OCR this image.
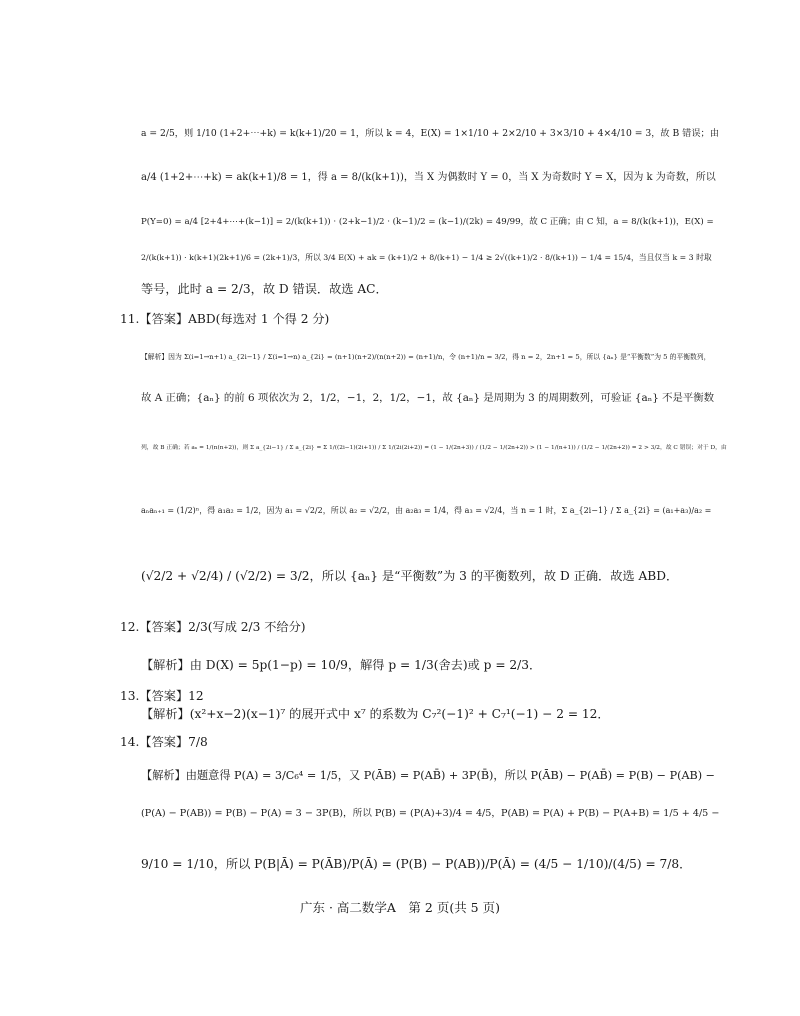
a = 2/5，则 1/10 (1+2+⋯+k) = k(k+1)/20 = 1，所以 k = 4，E(X) = 1×1/10 + 2×2/10 + 3×3/10 + 4×4/10 = 3，故 B 错误；由
a/4 (1+2+⋯+k) = ak(k+1)/8 = 1，得 a = 8/(k(k+1))，当 X 为偶数时 Y = 0，当 X 为奇数时 Y = X，因为 k 为奇数，所以
P(Y=0) = a/4 [2+4+⋯+(k−1)] = 2/(k(k+1)) · (2+k−1)/2 · (k−1)/2 = (k−1)/(2k) = 49/99，故 C 正确；由 C 知，a = 8/(k(k+1))，E(X) =
2/(k(k+1)) · k(k+1)(2k+1)/6 = (2k+1)/3，所以 3/4 E(X) + ak = (k+1)/2 + 8/(k+1) − 1/4 ≥ 2√((k+1)/2 · 8/(k+1)) − 1/4 = 15/4，当且仅当 k = 3 时取
等号，此时 a = 2/3，故 D 错误．故选 AC．
11.【答案】ABD(每选对 1 个得 2 分)
【解析】因为 Σ(i=1→n+1) a_{2i−1} / Σ(i=1→n) a_{2i} = (n+1)(n+2)/(n(n+2)) = (n+1)/n，令 (n+1)/n = 3/2，得 n = 2，2n+1 = 5，所以 {aₙ} 是“平衡数”为 5 的平衡数列，
故 A 正确；{aₙ} 的前 6 项依次为 2，1/2，−1，2，1/2，−1，故 {aₙ} 是周期为 3 的周期数列，可验证 {aₙ} 不是平衡数
列，故 B 正确；若 aₙ = 1/(n(n+2))，则 Σ a_{2i−1} / Σ a_{2i} = Σ 1/((2i−1)(2i+1)) / Σ 1/(2i(2i+2)) = (1 − 1/(2n+3)) / (1/2 − 1/(2n+2)) > (1 − 1/(n+1)) / (1/2 − 1/(2n+2)) = 2 > 3/2，故 C 错误；对于 D，由
aₙaₙ₊₁ = (1/2)ⁿ，得 a₁a₂ = 1/2，因为 a₁ = √2/2，所以 a₂ = √2/2，由 a₂a₃ = 1/4，得 a₃ = √2/4，当 n = 1 时，Σ a_{2i−1} / Σ a_{2i} = (a₁+a₃)/a₂ =
(√2/2 + √2/4) / (√2/2) = 3/2，所以 {aₙ} 是“平衡数”为 3 的平衡数列，故 D 正确．故选 ABD．
12.【答案】2/3(写成 2/3 不给分)
【解析】由 D(X) = 5p(1−p) = 10/9，解得 p = 1/3(舍去)或 p = 2/3．
13.【答案】12
【解析】(x²+x−2)(x−1)⁷ 的展开式中 x⁷ 的系数为 C₇²(−1)² + C₇¹(−1) − 2 = 12．
14.【答案】7/8
【解析】由题意得 P(A) = 3/C₆⁴ = 1/5，又 P(ĀB) = P(AB̄) + 3P(B̄)，所以 P(ĀB) − P(AB̄) = P(B) − P(AB) −
(P(A) − P(AB)) = P(B) − P(A) = 3 − 3P(B)，所以 P(B) = (P(A)+3)/4 = 4/5，P(AB) = P(A) + P(B) − P(A+B) = 1/5 + 4/5 −
9/10 = 1/10，所以 P(B|Ā) = P(ĀB)/P(Ā) = (P(B) − P(AB))/P(Ā) = (4/5 − 1/10)/(4/5) = 7/8．
广东 · 高二数学A　第 2 页(共 5 页)
